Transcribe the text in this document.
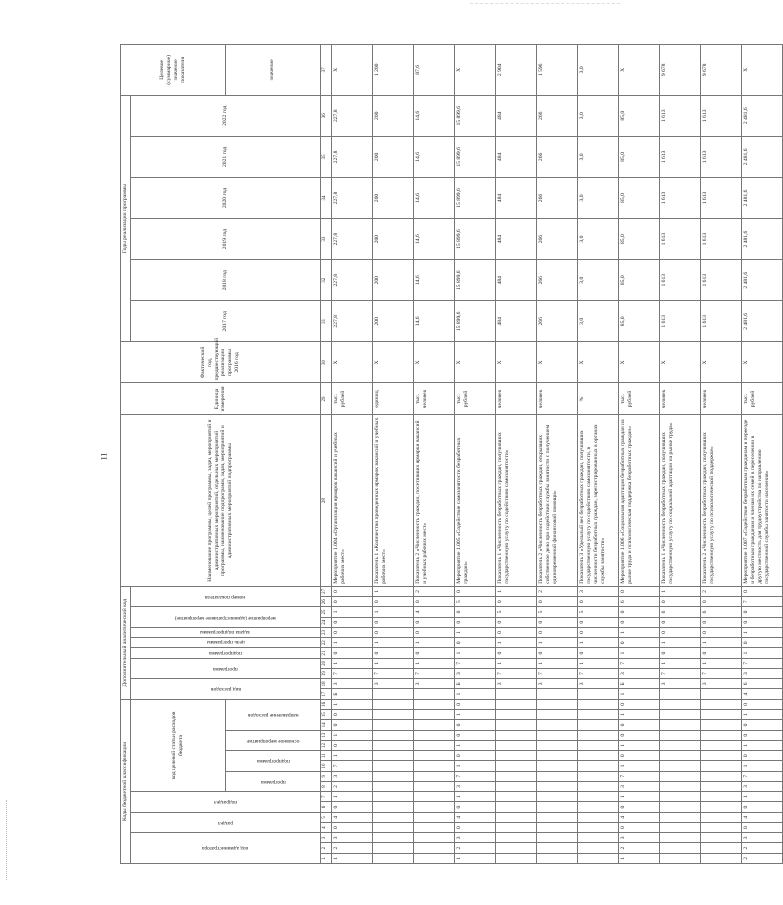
11
Коды бюджетной классификации																Дополнительный аналитический код											Наименование программы, целей программы, задач, мероприятий и административных мероприятий, отдельных мероприятий программы, наименование подпрограмм, задач, мероприятий и административных мероприятий подпрограммы	Единица измерения	Фактический год, предшествующий реализации программы 2016 год	Годы реализации программы						Целевое (суммарное) значение показателя

код администратора			раздел		подраздел		код целевой статьи расходов бюджета									вид расходов		программа		подпрограмма	цель программы	задача подпрограммы	мероприятие (административное мероприятие)		номер показателя					2017 год	2018 год	2019 год	2020 год	2021 год	2022 год	

							программа		подпрограмма		основное мероприятие		направление расходов																							значение
1	2	3	4	5	6	7	8	9	10	11	12	13	14	15	16	17	18	19	20	21	22	23	24	25	26	27	28	29	30	31	32	33	34	35	36	37
1	2	3	0	4	0	1	2	3	7	1	0	1	0	0	1	Б	3	7	1	0	1	0	0	1	0	0	Мероприятие 1.004 «Организация ярмарок вакансий и учебных рабочих мест»	тыс. рублей	X	227,8	227,8	227,8	227,8	227,8	227,8	X
																	3	7	1	0	1	0	0	1	0	1	Показатель 1 «Количество проведенных ярмарок вакансий и учебных рабочих мест»	единиц	X	200	200	200	200	200	200	1 200
																	3	7	1	0	1	0	0	4	0	2	Показатель 2 «Численность граждан, посетивших ярмарки вакансий и учебных рабочих мест»	тыс. человек	X	14,6	14,6	14,6	14,6	14,6	14,6	87,6
1	2	3	0	4	0	1	3	7	1	0	1	0	0	1	0	1	Б	3	7	1	0	1	0	0	5	0	Мероприятие 1.005 «Содействие самозанятости безработных граждан»	тыс. рублей	X	15 899,6	15 899,6	15 899,6	15 899,6	15 899,6	15 899,6	X
																	3	7	1	0	1	0	0	5	0	1	Показатель 1 «Численность безработных граждан, получивших государственную услугу по содействию самозанятости»	человек	X	484	484	484	484	484	484	2 904
																	3	7	1	0	1	0	0	5	0	2	Показатель 2 «Численность безработных граждан, открывших собственное дело при содействии службы занятости с получением единовременной финансовой помощи»	человек	X	266	266	266	266	266	266	1 596
																	3	7	1	0	1	0	0	5	0	3	Показатель 3 «Удельный вес безработных граждан, получивших государственную услугу по содействию самозанятости, в численности безработных граждан, зарегистрированных в органах службы занятости»	%	X	3,0	3,0	3,0	3,0	3,0	3,0	3,0
1	2	3	0	4	0	1	3	7	1	0	1	0	0	1	0	1	Б	3	7	1	0	1	0	0	6	0	Мероприятие 1.006 «Социальная адаптация безработных граждан на рынке труда и психологическая поддержка безработных граждан»	тыс. рублей	X	85,0	85,0	85,0	85,0	85,0	85,0	X
																	3	7	1	0	1	0	0	6	0	1	Показатель 1 «Численность безработных граждан, получивших государственную услугу по социальной адаптации на рынке труда»	человек	X	1 613	1 613	1 613	1 613	1 613	1 613	9 678
																	3	7	1	0	1	0	0	6	0	2	Показатель 2 «Численность безработных граждан, получивших государственную услугу по психологической поддержке»	человек	X	1 613	1 613	1 613	1 613	1 613	1 613	9 678
2	2	3	0	4	0	1	3	7	1	0	1	0	0	1	0	4	6	3	7	1	0	1	0	0	7	0	Мероприятие 1.007 «Содействие безработным гражданам в переезде и безработным гражданам и членам их семей в переселении в другую местность для трудоустройства по направлению государственной службы занятости населения»	тыс. рублей	X	2 481,6	2 481,6	2 481,6	2 481,6	2 481,6	2 481,6	X
